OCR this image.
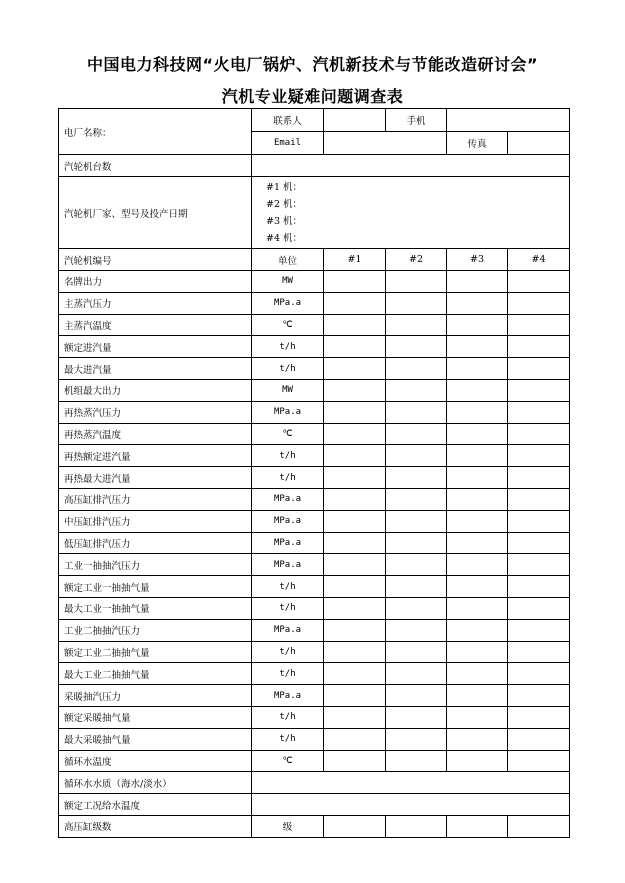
中国电力科技网“火电厂锅炉、汽机新技术与节能改造研讨会”
汽机专业疑难问题调查表
电厂名称：	联系人		手机		
	Email			传真	
汽轮机台数					
汽轮机厂家、型号及投产日期	#1 机：
#2 机：
#3 机：
#4 机：				

汽轮机编号	单位	#1	#2	#3	#4
名牌出力	MW				
主蒸汽压力	MPa.a				
主蒸汽温度	℃				
额定进汽量	t/h				
最大进汽量	t/h				
机组最大出力	MW				
再热蒸汽压力	MPa.a				
再热蒸汽温度	℃				
再热额定进汽量	t/h				
再热最大进汽量	t/h				
高压缸排汽压力	MPa.a				
中压缸排汽压力	MPa.a				
低压缸排汽压力	MPa.a				
工业一抽抽汽压力	MPa.a				
额定工业一抽抽气量	t/h				
最大工业一抽抽气量	t/h				
工业二抽抽汽压力	MPa.a				
额定工业二抽抽气量	t/h				
最大工业二抽抽气量	t/h				
采暖抽汽压力	MPa.a				
额定采暖抽气量	t/h				
最大采暖抽气量	t/h				
循环水温度	℃				
循环水水质（海水/淡水）					
额定工况给水温度					
高压缸级数	级				
